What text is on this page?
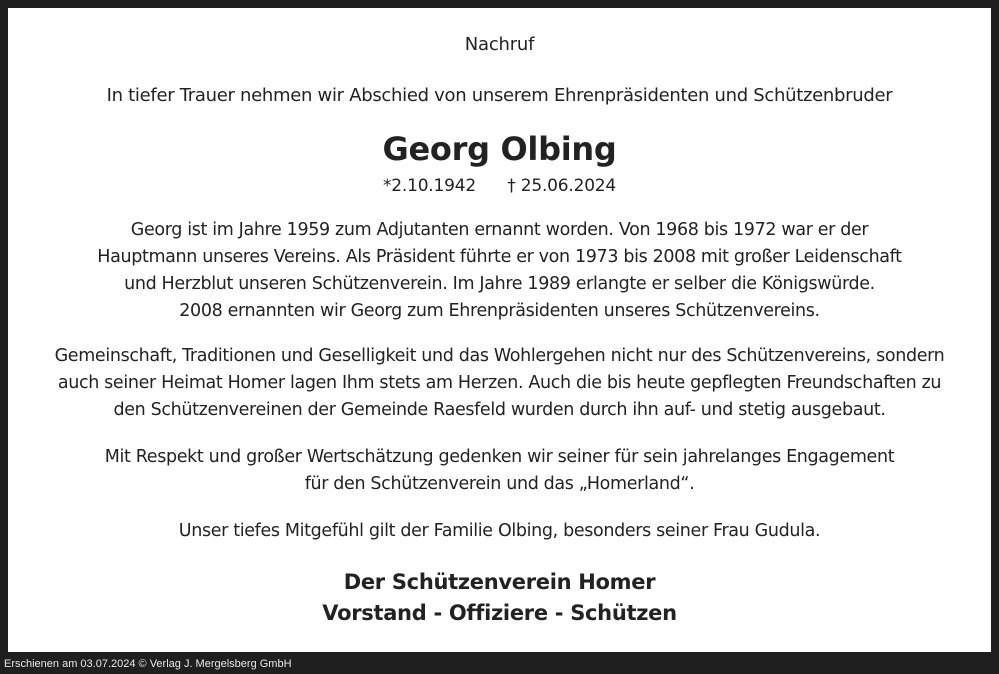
Nachruf
In tiefer Trauer nehmen wir Abschied von unserem Ehrenpräsidenten und Schützenbruder
Georg Olbing
*2.10.1942 † 25.06.2024
Georg ist im Jahre 1959 zum Adjutanten ernannt worden. Von 1968 bis 1972 war er der
Hauptmann unseres Vereins. Als Präsident führte er von 1973 bis 2008 mit großer Leidenschaft
und Herzblut unseren Schützenverein. Im Jahre 1989 erlangte er selber die Königswürde.
2008 ernannten wir Georg zum Ehrenpräsidenten unseres Schützenvereins.
Gemeinschaft, Traditionen und Geselligkeit und das Wohlergehen nicht nur des Schützenvereins, sondern
auch seiner Heimat Homer lagen Ihm stets am Herzen. Auch die bis heute gepflegten Freundschaften zu
den Schützenvereinen der Gemeinde Raesfeld wurden durch ihn auf- und stetig ausgebaut.
Mit Respekt und großer Wertschätzung gedenken wir seiner für sein jahrelanges Engagement
für den Schützenverein und das „Homerland“.
Unser tiefes Mitgefühl gilt der Familie Olbing, besonders seiner Frau Gudula.
Der Schützenverein Homer
Vorstand - Offiziere - Schützen
Erschienen am 03.07.2024 © Verlag J. Mergelsberg GmbH
